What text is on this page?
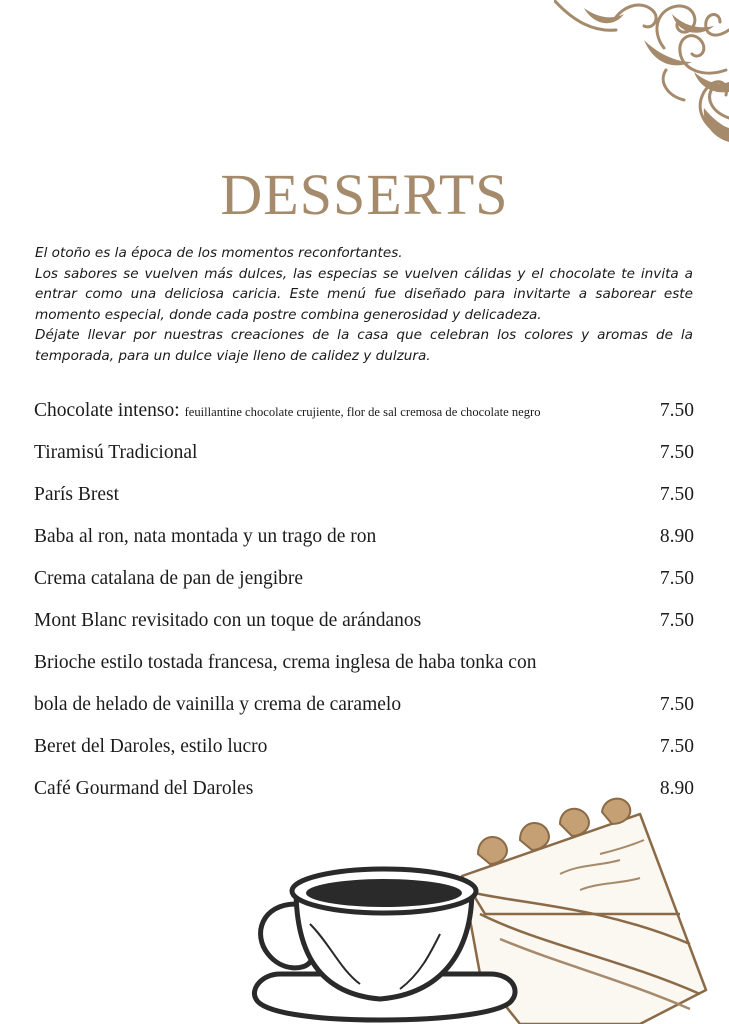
DESSERTS

El otoño es la época de los momentos reconfortantes.

Los sabores se vuelven más dulces, las especias se vuelven cálidas y el chocolate te invita a entrar como una deliciosa caricia. Este menú fue diseñado para invitarte a saborear este momento especial, donde cada postre combina generosidad y delicadeza.

Déjate llevar por nuestras creaciones de la casa que celebran los colores y aromas de la temporada, para un dulce viaje lleno de calidez y dulzura.

Chocolate intenso: feuillantine chocolate crujiente, flor de sal cremosa de chocolate negro	7.50
Tiramisú Tradicional	7.50
París Brest	7.50
Baba al ron, nata montada y un trago de ron	8.90
Crema catalana de pan de jengibre	7.50
Mont Blanc revisitado con un toque de arándanos	7.50
Brioche estilo tostada francesa, crema inglesa de haba tonka con
bola de helado de vainilla y crema de caramelo	7.50
Beret del Daroles, estilo lucro	7.50
Café Gourmand del Daroles	8.90
